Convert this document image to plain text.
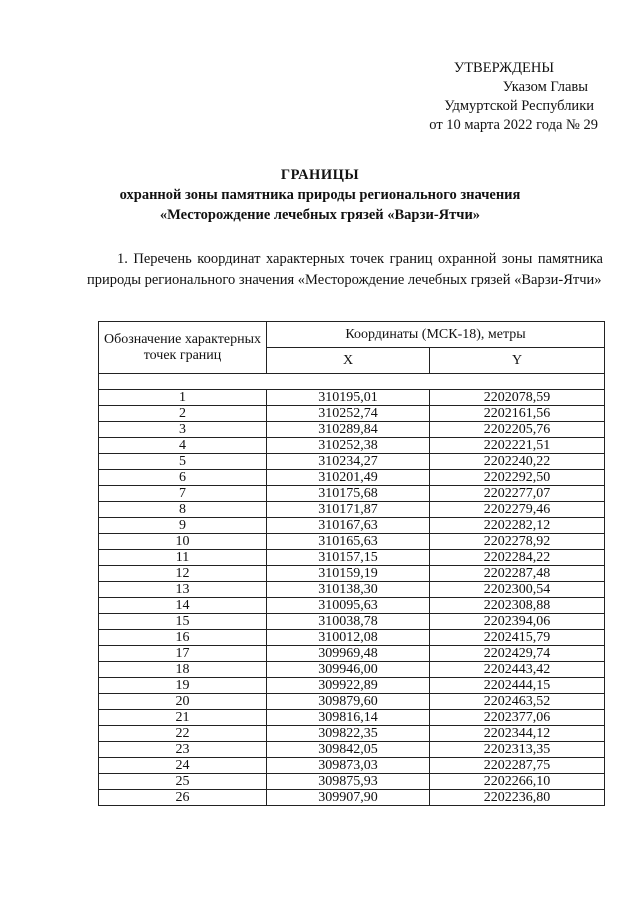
УТВЕРЖДЕНЫ
Указом Главы
Удмуртской Республики
от 10 марта 2022 года № 29
ГРАНИЦЫ
охранной зоны памятника природы регионального значения
«Месторождение лечебных грязей «Варзи-Ятчи»

1. Перечень координат характерных точек границ охранной зоны памятника природы регионального значения «Месторождение лечебных грязей «Варзи-Ятчи»

Обозначение характерных точек границ	Координаты (МСК-18), метры	
	X	Y

1	310195,01	2202078,59
2	310252,74	2202161,56
3	310289,84	2202205,76
4	310252,38	2202221,51
5	310234,27	2202240,22
6	310201,49	2202292,50
7	310175,68	2202277,07
8	310171,87	2202279,46
9	310167,63	2202282,12
10	310165,63	2202278,92
11	310157,15	2202284,22
12	310159,19	2202287,48
13	310138,30	2202300,54
14	310095,63	2202308,88
15	310038,78	2202394,06
16	310012,08	2202415,79
17	309969,48	2202429,74
18	309946,00	2202443,42
19	309922,89	2202444,15
20	309879,60	2202463,52
21	309816,14	2202377,06
22	309822,35	2202344,12
23	309842,05	2202313,35
24	309873,03	2202287,75
25	309875,93	2202266,10
26	309907,90	2202236,80
